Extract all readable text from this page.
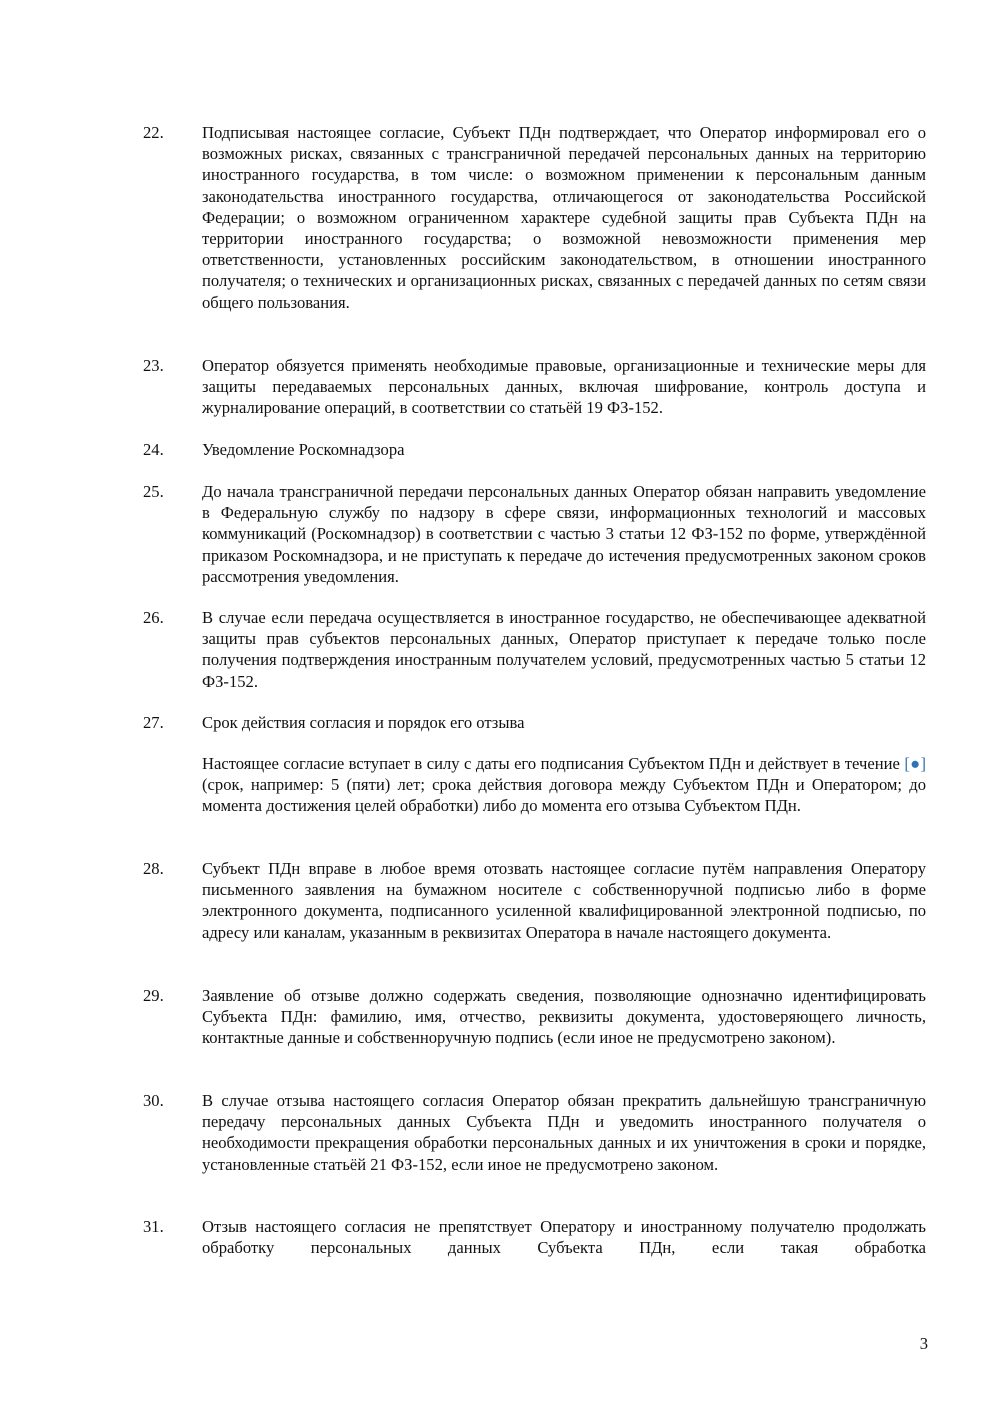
22.	Подписывая настоящее согласие, Субъект ПДн подтверждает, что Оператор информировал его о возможных рисках, связанных с трансграничной передачей персональных данных на территорию иностранного государства, в том числе: о возможном применении к персональным данным законодательства иностранного государства, отличающегося от законодательства Российской Федерации; о возможном ограниченном характере судебной защиты прав Субъекта ПДн на территории иностранного государства; о возможной невозможности применения мер ответственности, установленных российским законодательством, в отношении иностранного получателя; о технических и организационных рисках, связанных с передачей данных по сетям связи общего пользования.
23.	Оператор обязуется применять необходимые правовые, организационные и технические меры для защиты передаваемых персональных данных, включая шифрование, контроль доступа и журналирование операций, в соответствии со статьёй 19 ФЗ-152.
24.	Уведомление Роскомнадзора
25.	До начала трансграничной передачи персональных данных Оператор обязан направить уведомление в Федеральную службу по надзору в сфере связи, информационных технологий и массовых коммуникаций (Роскомнадзор) в соответствии с частью 3 статьи 12 ФЗ-152 по форме, утверждённой приказом Роскомнадзора, и не приступать к передаче до истечения предусмотренных законом сроков рассмотрения уведомления.
26.	В случае если передача осуществляется в иностранное государство, не обеспечивающее адекватной защиты прав субъектов персональных данных, Оператор приступает к передаче только после получения подтверждения иностранным получателем условий, предусмотренных частью 5 статьи 12 ФЗ-152.
27.	Срок действия согласия и порядок его отзыва
Настоящее согласие вступает в силу с даты его подписания Субъектом ПДн и действует в течение [●] (срок, например: 5 (пяти) лет; срока действия договора между Субъектом ПДн и Оператором; до момента достижения целей обработки) либо до момента его отзыва Субъектом ПДн.
28.	Субъект ПДн вправе в любое время отозвать настоящее согласие путём направления Оператору письменного заявления на бумажном носителе с собственноручной подписью либо в форме электронного документа, подписанного усиленной квалифицированной электронной подписью, по адресу или каналам, указанным в реквизитах Оператора в начале настоящего документа.
29.	Заявление об отзыве должно содержать сведения, позволяющие однозначно идентифицировать Субъекта ПДн: фамилию, имя, отчество, реквизиты документа, удостоверяющего личность, контактные данные и собственноручную подпись (если иное не предусмотрено законом).
30.	В случае отзыва настоящего согласия Оператор обязан прекратить дальнейшую трансграничную передачу персональных данных Субъекта ПДн и уведомить иностранного получателя о необходимости прекращения обработки персональных данных и их уничтожения в сроки и порядке, установленные статьёй 21 ФЗ-152, если иное не предусмотрено законом.
31.	Отзыв настоящего согласия не препятствует Оператору и иностранному получателю продолжать обработку персональных данных Субъекта ПДн, если такая обработка
3
